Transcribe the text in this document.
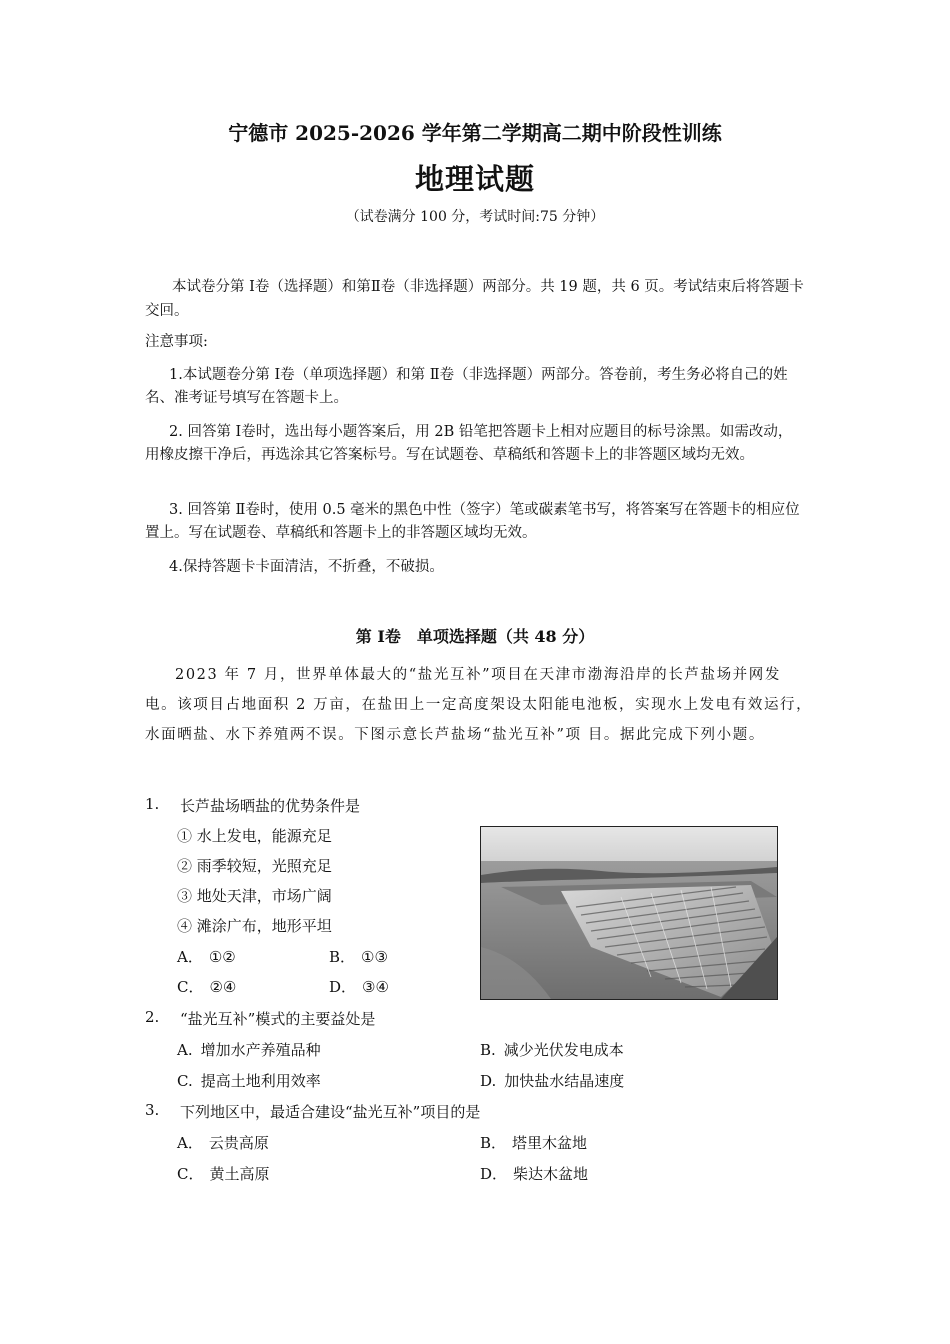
宁德市 2025-2026 学年第二学期高二期中阶段性训练
地理试题
（试卷满分 100 分，考试时间:75 分钟）
本试卷分第 Ⅰ卷（选择题）和第Ⅱ卷（非选择题）两部分。共 19 题，共 6 页。考试结束后将答题卡交回。
注意事项:
1.本试题卷分第 Ⅰ卷（单项选择题）和第 Ⅱ卷（非选择题）两部分。答卷前，考生务必将自己的姓名、准考证号填写在答题卡上。
2. 回答第 Ⅰ卷时，选出每小题答案后，用 2B 铅笔把答题卡上相对应题目的标号涂黑。如需改动，用橡皮擦干净后，再选涂其它答案标号。写在试题卷、草稿纸和答题卡上的非答题区域均无效。
3. 回答第 Ⅱ卷时，使用 0.5 毫米的黑色中性（签字）笔或碳素笔书写，将答案写在答题卡的相应位置上。写在试题卷、草稿纸和答题卡上的非答题区域均无效。
4.保持答题卡卡面清洁，不折叠，不破损。
第 Ⅰ卷　单项选择题（共 48 分）
2023 年 7 月，世界单体最大的“盐光互补”项目在天津市渤海沿岸的长芦盐场并网发电。该项目占地面积 2 万亩，在盐田上一定高度架设太阳能电池板，实现水上发电有效运行，水面晒盐、水下养殖两不误。下图示意长芦盐场“盐光互补”项 目。据此完成下列小题。
1. 长芦盐场晒盐的优势条件是
① 水上发电，能源充足
② 雨季较短，光照充足
③ 地处天津，市场广阔
④ 滩涂广布，地形平坦
A． ①②	B． ①③
C． ②④	D． ③④
2. “盐光互补”模式的主要益处是
A. 增加水产养殖品种	B. 减少光伏发电成本
C. 提高土地利用效率	D. 加快盐水结晶速度
3. 下列地区中，最适合建设“盐光互补”项目的是
A． 云贵高原	B． 塔里木盆地
C． 黄土高原	D． 柴达木盆地
